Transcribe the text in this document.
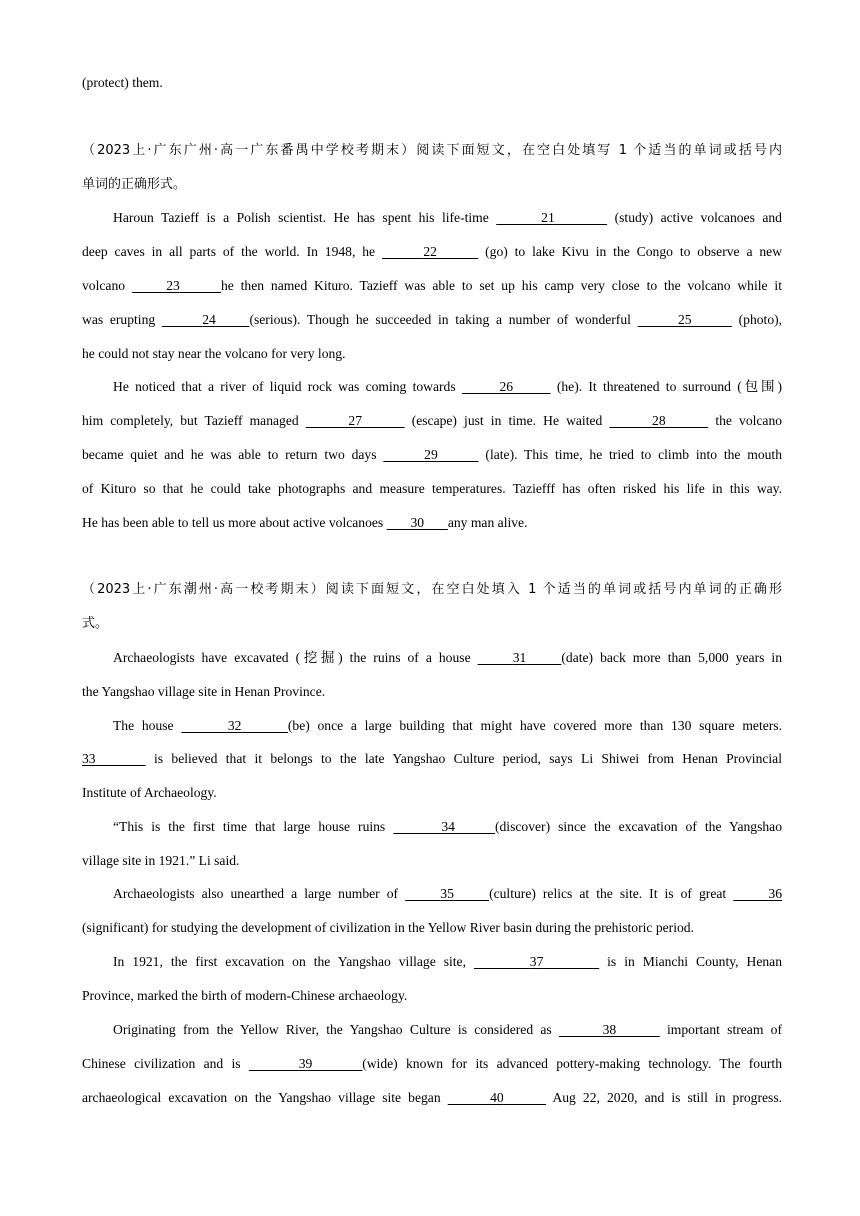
(protect) them.
（2023上·广东广州·高一广东番禺中学校考期末）阅读下面短文，在空白处填写 1 个适当的单词或括号内
单词的正确形式。
Haroun Tazieff is a Polish scientist. He has spent his life-time	21	(study) active volcanoes and
deep caves in all parts of the world. In 1948, he	22	(go) to lake Kivu in the Congo to observe a new
volcano	23	he then named Kituro. Tazieff was able to set up his camp very close to the volcano while it
was erupting	24 (serious). Though he succeeded in taking a number of wonderful	25	(photo),
he could not stay near the volcano for very long.
He noticed that a river of liquid rock was coming towards	26	(he). It threatened to surround (包围)
him completely, but Tazieff managed	27	(escape) just in time. He waited	28	the volcano
became quiet and he was able to return two days	29	(late). This time, he tried to climb into the mouth
of Kituro so that he could take photographs and measure temperatures. Taziefff has often risked his life in this way.
He has been able to tell us more about active volcanoes 30 any man alive.
（2023上·广东潮州·高一校考期末）阅读下面短文，在空白处填入 1 个适当的单词或括号内单词的正确形
式。
Archaeologists have excavated (挖掘) the ruins of a house	31	(date) back more than 5,000 years in
the Yangshao village site in Henan Province.
The house	32	(be) once a large building that might have covered more than 130 square meters.
33	is believed that it belongs to the late Yangshao Culture period, says Li Shiwei from Henan Provincial
Institute of Archaeology.
“This is the first time that large house ruins	34	(discover) since the excavation of the Yangshao
village site in 1921.” Li said.
Archaeologists also unearthed a large number of	35	(culture) relics at the site. It is of great	36
(significant) for studying the development of civilization in the Yellow River basin during the prehistoric period.
In 1921, the first excavation on the Yangshao village site,	37	is in Mianchi County, Henan
Province, marked the birth of modern-Chinese archaeology.
Originating from the Yellow River, the Yangshao Culture is considered as	38	important stream of
Chinese civilization and is	39	(wide) known for its advanced pottery-making technology. The fourth
archaeological excavation on the Yangshao village site began	40	Aug 22, 2020, and is still in progress.
